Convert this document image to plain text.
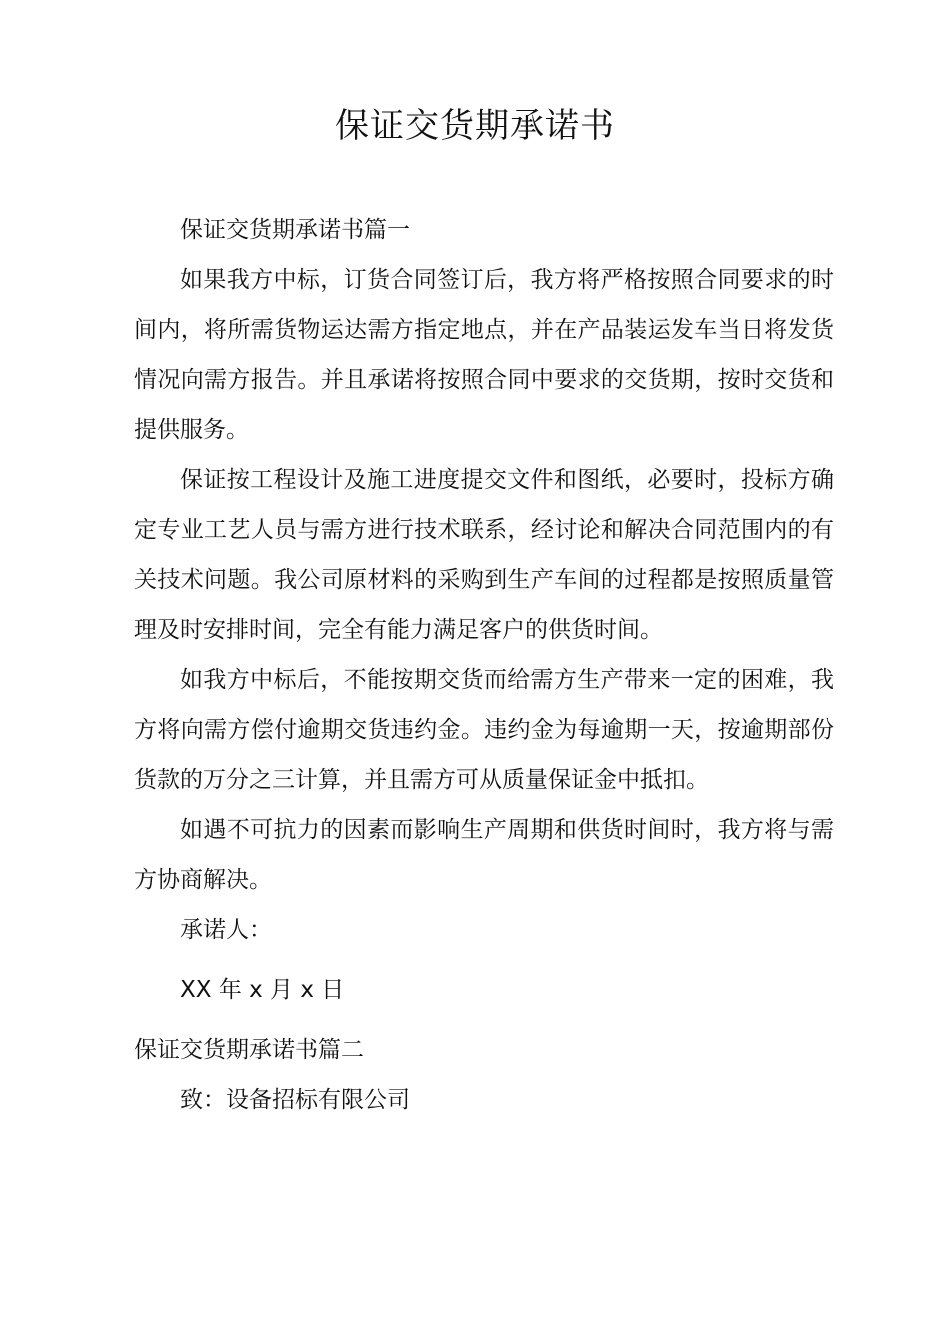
保证交货期承诺书

保证交货期承诺书篇一

如果我方中标，订货合同签订后，我方将严格按照合同要求的时间内，将所需货物运达需方指定地点，并在产品装运发车当日将发货情况向需方报告。并且承诺将按照合同中要求的交货期，按时交货和提供服务。

保证按工程设计及施工进度提交文件和图纸，必要时，投标方确定专业工艺人员与需方进行技术联系，经讨论和解决合同范围内的有关技术问题。我公司原材料的采购到生产车间的过程都是按照质量管理及时安排时间，完全有能力满足客户的供货时间。

如我方中标后，不能按期交货而给需方生产带来一定的困难，我方将向需方偿付逾期交货违约金。违约金为每逾期一天，按逾期部份货款的万分之三计算，并且需方可从质量保证金中抵扣。

如遇不可抗力的因素而影响生产周期和供货时间时，我方将与需方协商解决。

承诺人：

XX 年 x 月 x 日

保证交货期承诺书篇二

致：设备招标有限公司
